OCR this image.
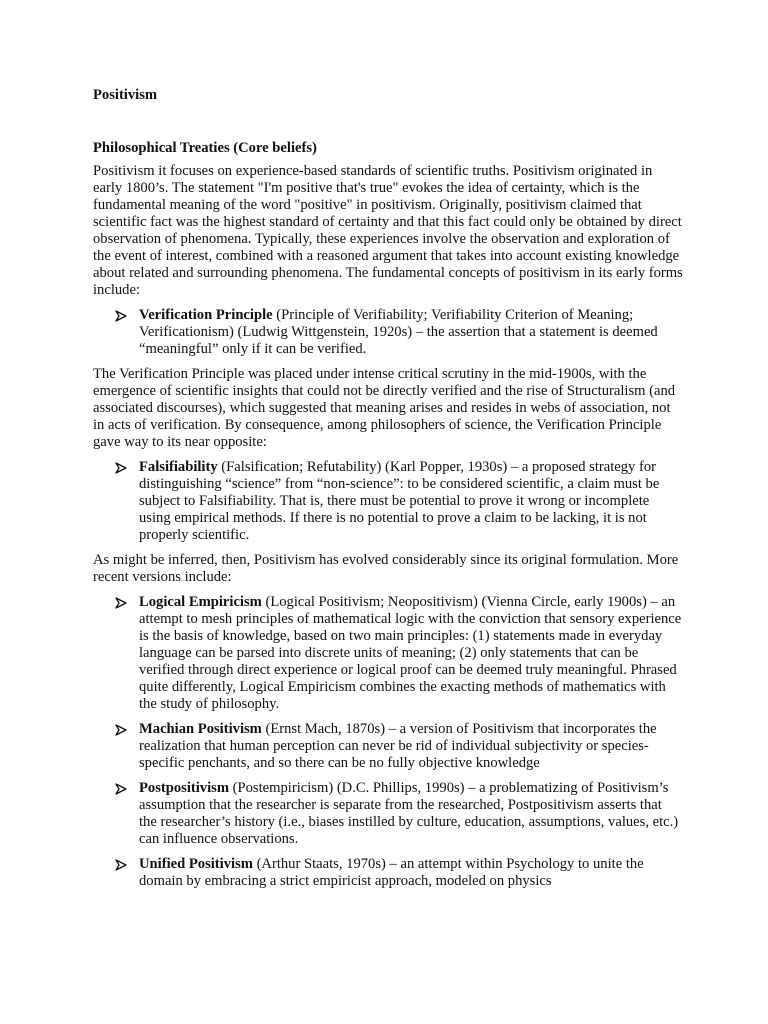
Positivism

Philosophical Treaties (Core beliefs)

Positivism it focuses on experience-based standards of scientific truths. Positivism originated in early 1800’s. The statement "I'm positive that's true" evokes the idea of certainty, which is the fundamental meaning of the word "positive" in positivism. Originally, positivism claimed that scientific fact was the highest standard of certainty and that this fact could only be obtained by direct observation of phenomena. Typically, these experiences involve the observation and exploration of the event of interest, combined with a reasoned argument that takes into account existing knowledge about related and surrounding phenomena. The fundamental concepts of positivism in its early forms include:

Verification Principle (Principle of Verifiability; Verifiability Criterion of Meaning; Verificationism) (Ludwig Wittgenstein, 1920s) – the assertion that a statement is deemed “meaningful” only if it can be verified.

The Verification Principle was placed under intense critical scrutiny in the mid-1900s, with the emergence of scientific insights that could not be directly verified and the rise of Structuralism (and associated discourses), which suggested that meaning arises and resides in webs of association, not in acts of verification. By consequence, among philosophers of science, the Verification Principle gave way to its near opposite:

Falsifiability (Falsification; Refutability) (Karl Popper, 1930s) – a proposed strategy for distinguishing “science” from “non-science”: to be considered scientific, a claim must be subject to Falsifiability. That is, there must be potential to prove it wrong or incomplete using empirical methods. If there is no potential to prove a claim to be lacking, it is not properly scientific.

As might be inferred, then, Positivism has evolved considerably since its original formulation. More recent versions include:

Logical Empiricism (Logical Positivism; Neopositivism) (Vienna Circle, early 1900s) – an attempt to mesh principles of mathematical logic with the conviction that sensory experience is the basis of knowledge, based on two main principles: (1) statements made in everyday language can be parsed into discrete units of meaning; (2) only statements that can be verified through direct experience or logical proof can be deemed truly meaningful. Phrased quite differently, Logical Empiricism combines the exacting methods of mathematics with the study of philosophy.
Machian Positivism (Ernst Mach, 1870s) – a version of Positivism that incorporates the realization that human perception can never be rid of individual subjectivity or species-specific penchants, and so there can be no fully objective knowledge
Postpositivism (Postempiricism) (D.C. Phillips, 1990s) – a problematizing of Positivism’s assumption that the researcher is separate from the researched, Postpositivism asserts that the researcher’s history (i.e., biases instilled by culture, education, assumptions, values, etc.) can influence observations.
Unified Positivism (Arthur Staats, 1970s) – an attempt within Psychology to unite the domain by embracing a strict empiricist approach, modeled on physics
